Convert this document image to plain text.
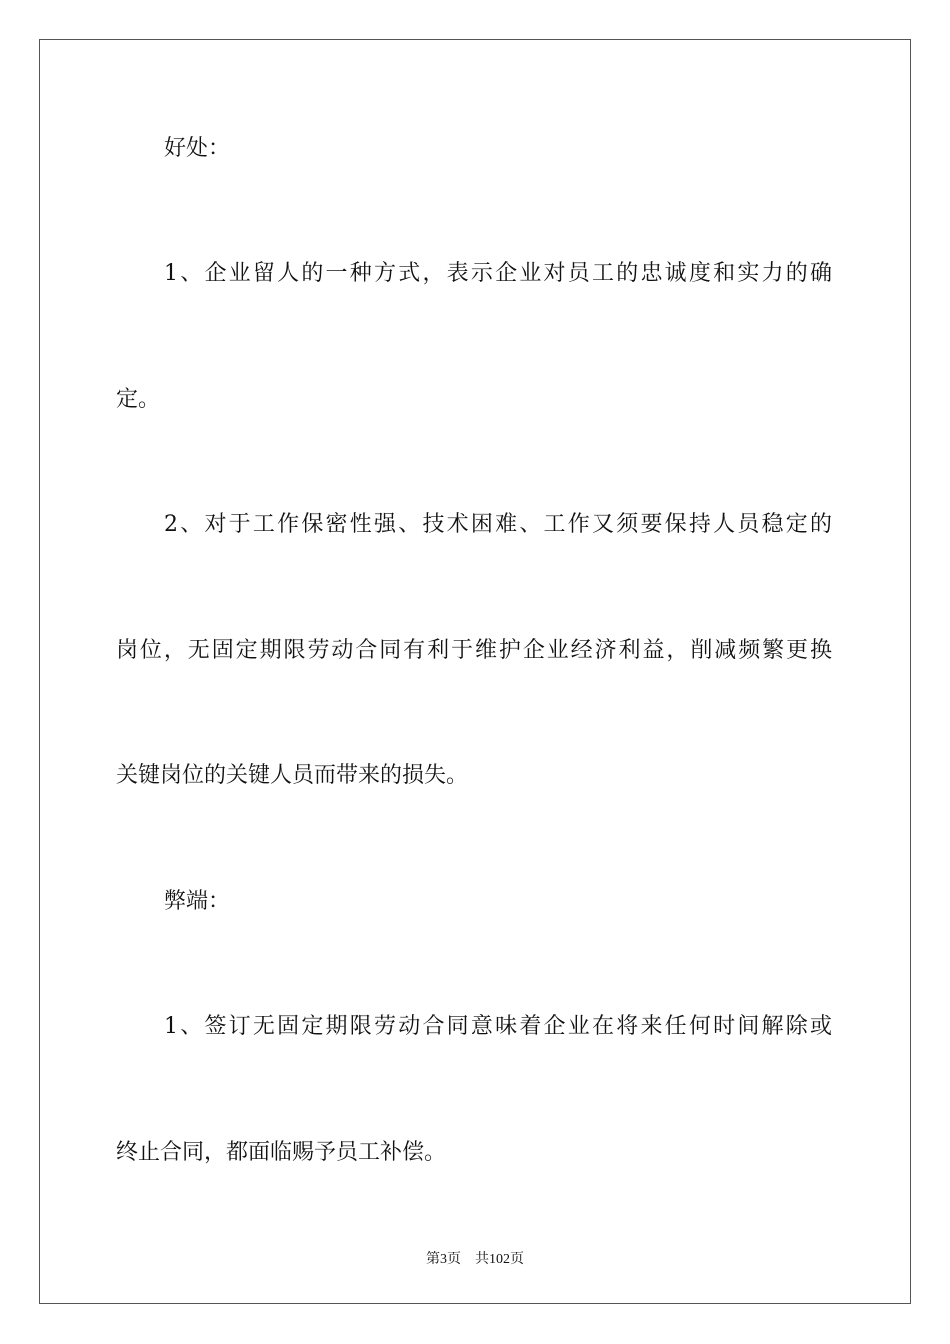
好处：

1、企业留人的一种方式，表示企业对员工的忠诚度和实力的确

定。

2、对于工作保密性强、技术困难、工作又须要保持人员稳定的

岗位，无固定期限劳动合同有利于维护企业经济利益，削减频繁更换

关键岗位的关键人员而带来的损失。

弊端：

1、签订无固定期限劳动合同意味着企业在将来任何时间解除或

终止合同，都面临赐予员工补偿。

第3页 共102页
